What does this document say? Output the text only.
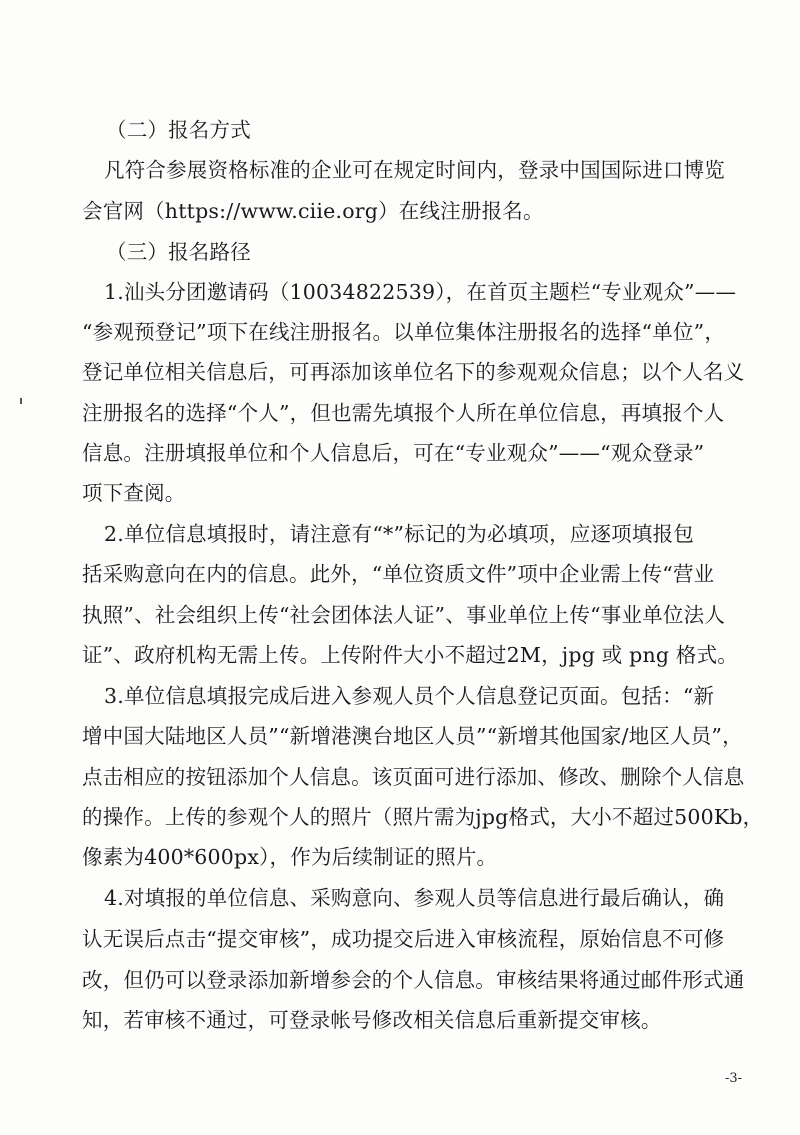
（二）报名方式
凡符合参展资格标准的企业可在规定时间内，登录中国国际进口博览
会官网（https://www.ciie.org）在线注册报名。
（三）报名路径
1.汕头分团邀请码（10034822539），在首页主题栏“专业观众”——
“参观预登记”项下在线注册报名。以单位集体注册报名的选择“单位”，
登记单位相关信息后，可再添加该单位名下的参观观众信息；以个人名义
注册报名的选择“个人”，但也需先填报个人所在单位信息，再填报个人
信息。注册填报单位和个人信息后，可在“专业观众”——“观众登录”
项下查阅。
2.单位信息填报时，请注意有“*”标记的为必填项，应逐项填报包
括采购意向在内的信息。此外，“单位资质文件”项中企业需上传“营业
执照”、社会组织上传“社会团体法人证”、事业单位上传“事业单位法人
证”、政府机构无需上传。上传附件大小不超过2M，jpg 或 png 格式。
3.单位信息填报完成后进入参观人员个人信息登记页面。包括：“新
增中国大陆地区人员”“新增港澳台地区人员”“新增其他国家/地区人员”，
点击相应的按钮添加个人信息。该页面可进行添加、修改、删除个人信息
的操作。上传的参观个人的照片（照片需为jpg格式，大小不超过500Kb，
像素为400*600px），作为后续制证的照片。
4.对填报的单位信息、采购意向、参观人员等信息进行最后确认，确
认无误后点击“提交审核”，成功提交后进入审核流程，原始信息不可修
改，但仍可以登录添加新增参会的个人信息。审核结果将通过邮件形式通
知，若审核不通过，可登录帐号修改相关信息后重新提交审核。
-3-
